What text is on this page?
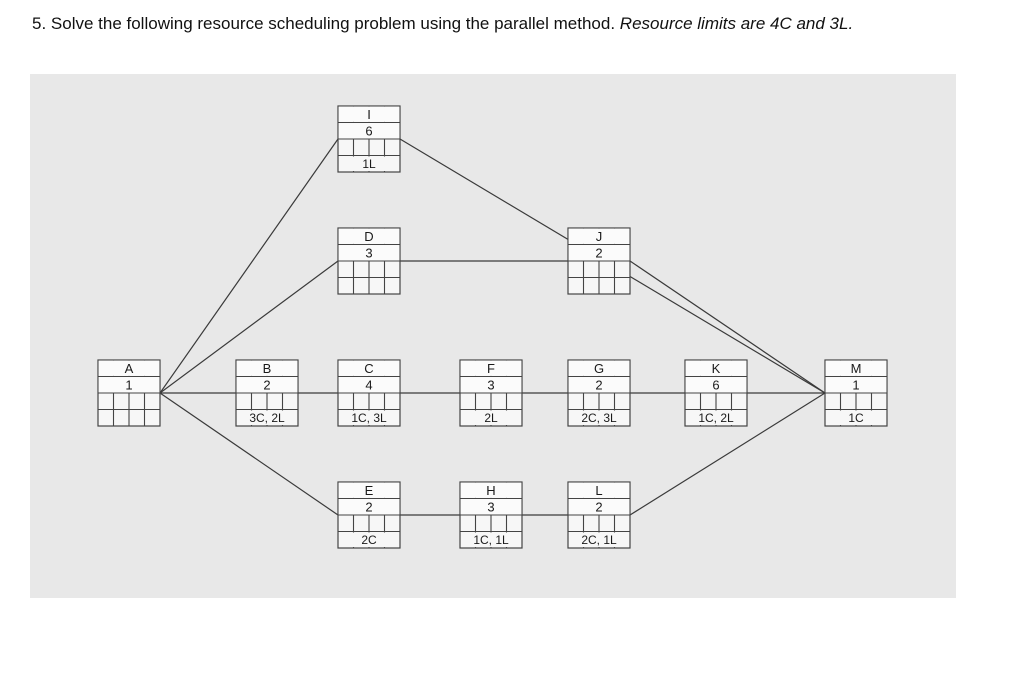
5. Solve the following resource scheduling problem using the parallel method. Resource limits are 4C and 3L.
A
1
B
2
3C, 2L
I
6
1L
D
3
C
4
1C, 3L
E
2
2C
F
3
2L
H
3
1C, 1L
J
2
G
2
2C, 3L
L
2
2C, 1L
K
6
1C, 2L
M
1
1C
